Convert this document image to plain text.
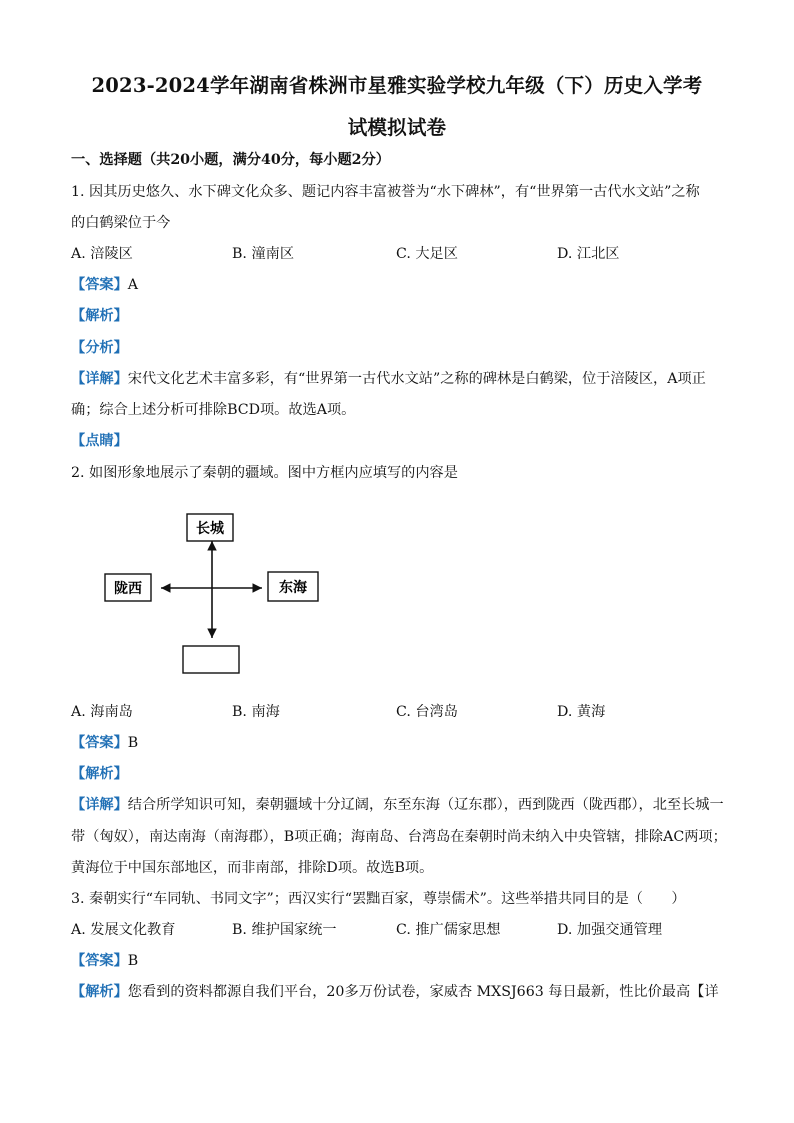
2023-2024学年湖南省株洲市星雅实验学校九年级（下）历史入学考
试模拟试卷
一、选择题（共20小题，满分40分，每小题2分）
1. 因其历史悠久、水下碑文化众多、题记内容丰富被誉为“水下碑林”，有“世界第一古代水文站”之称
的白鹤梁位于今
A. 涪陵区	B. 潼南区	C. 大足区	D. 江北区
【答案】A
【解析】
【分析】
【详解】宋代文化艺术丰富多彩，有“世界第一古代水文站”之称的碑林是白鹤梁，位于涪陵区，A项正
确；综合上述分析可排除BCD项。故选A项。
【点睛】
2. 如图形象地展示了秦朝的疆域。图中方框内应填写的内容是
长城
陇西	东海
A. 海南岛	B. 南海	C. 台湾岛	D. 黄海
【答案】B
【解析】
【详解】结合所学知识可知，秦朝疆域十分辽阔，东至东海（辽东郡），西到陇西（陇西郡），北至长城一
带（匈奴），南达南海（南海郡），B项正确；海南岛、台湾岛在秦朝时尚未纳入中央管辖，排除AC两项；
黄海位于中国东部地区，而非南部，排除D项。故选B项。
3. 秦朝实行“车同轨、书同文字”；西汉实行“罢黜百家，尊崇儒术”。这些举措共同目的是（　　）
A. 发展文化教育	B. 维护国家统一	C. 推广儒家思想	D. 加强交通管理
【答案】B
【解析】您看到的资料都源自我们平台，20多万份试卷，家威杏 MXSJ663 每日最新，性比价最高【详
